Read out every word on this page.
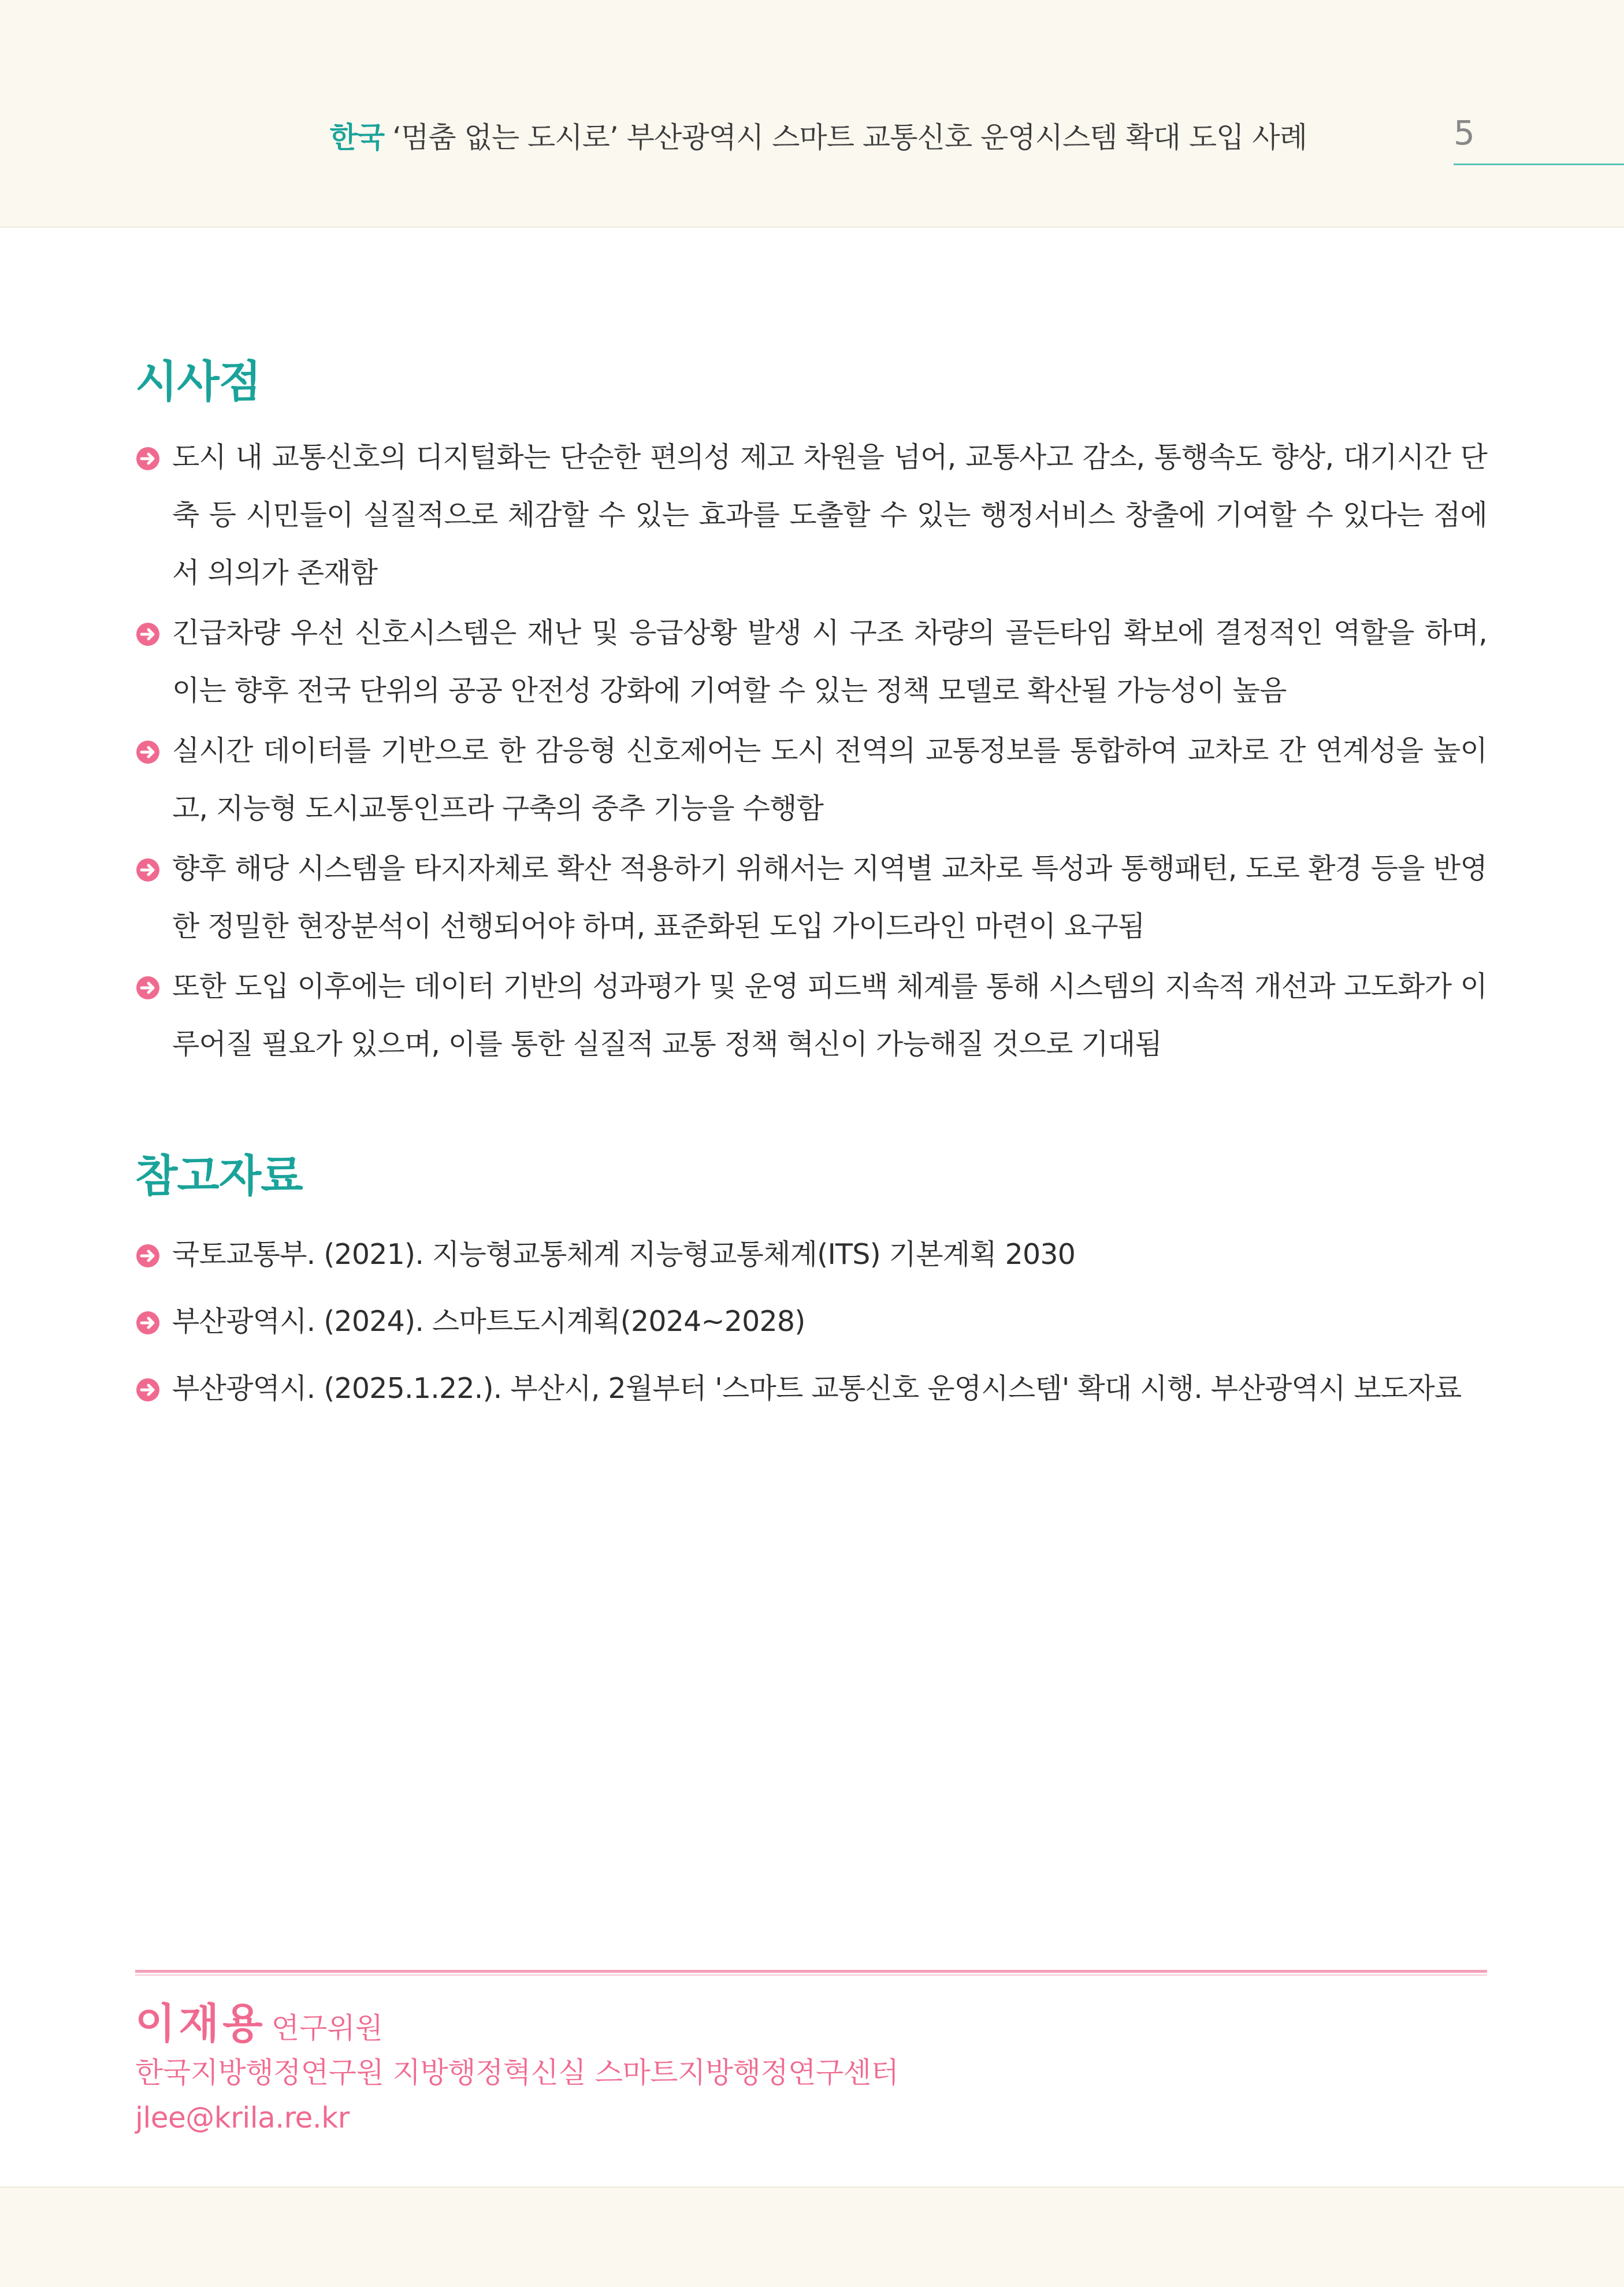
한국 ‘멈춤 없는 도시로’ 부산광역시 스마트 교통신호 운영시스템 확대 도입 사례	5
시사점
도시 내 교통신호의 디지털화는 단순한 편의성 제고 차원을 넘어, 교통사고 감소, 통행속도 향상, 대기시간 단축 등 시민들이 실질적으로 체감할 수 있는 효과를 도출할 수 있는 행정서비스 창출에 기여할 수 있다는 점에서 의의가 존재함
긴급차량 우선 신호시스템은 재난 및 응급상황 발생 시 구조 차량의 골든타임 확보에 결정적인 역할을 하며, 이는 향후 전국 단위의 공공 안전성 강화에 기여할 수 있는 정책 모델로 확산될 가능성이 높음
실시간 데이터를 기반으로 한 감응형 신호제어는 도시 전역의 교통정보를 통합하여 교차로 간 연계성을 높이고, 지능형 도시교통인프라 구축의 중추 기능을 수행함
향후 해당 시스템을 타지자체로 확산 적용하기 위해서는 지역별 교차로 특성과 통행패턴, 도로 환경 등을 반영한 정밀한 현장분석이 선행되어야 하며, 표준화된 도입 가이드라인 마련이 요구됨
또한 도입 이후에는 데이터 기반의 성과평가 및 운영 피드백 체계를 통해 시스템의 지속적 개선과 고도화가 이루어질 필요가 있으며, 이를 통한 실질적 교통 정책 혁신이 가능해질 것으로 기대됨
참고자료
국토교통부. (2021). 지능형교통체계 지능형교통체계(ITS) 기본계획 2030
부산광역시. (2024). 스마트도시계획(2024~2028)
부산광역시. (2025.1.22.). 부산시, 2월부터 '스마트 교통신호 운영시스템' 확대 시행. 부산광역시 보도자료
이재용 연구위원
한국지방행정연구원 지방행정혁신실 스마트지방행정연구센터
jlee@krila.re.kr
